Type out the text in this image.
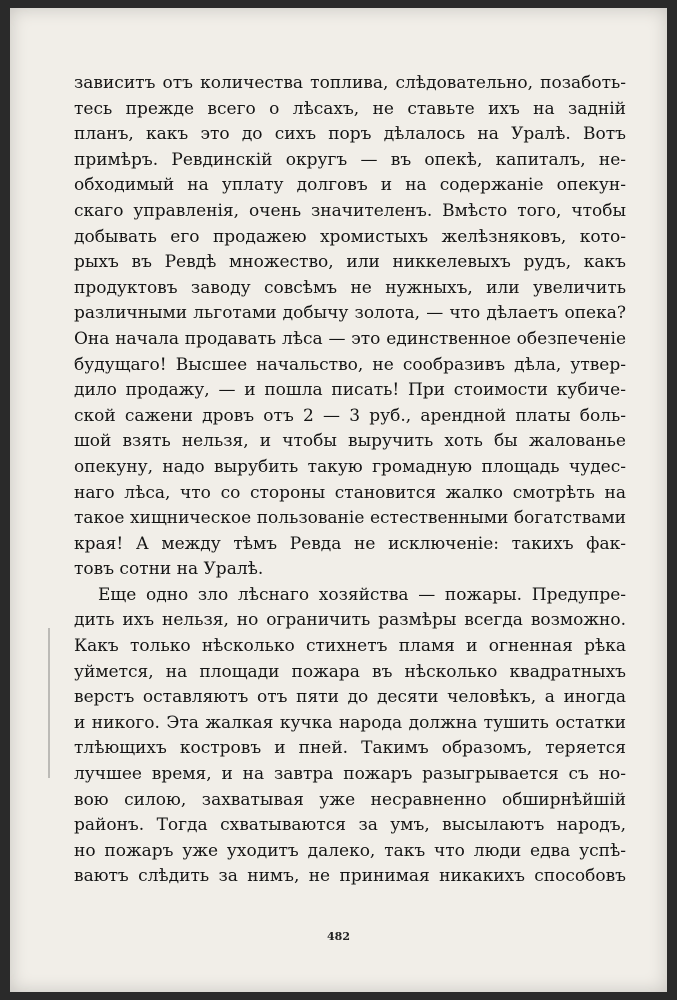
зависитъ отъ количества топлива, слѣдовательно, позаботь-
тесь прежде всего о лѣсахъ, не ставьте ихъ на заднiй
планъ, какъ это до сихъ поръ дѣлалось на Уралѣ. Вотъ
примѣръ. Ревдинскiй округъ — въ опекѣ, капиталъ, не-
обходимый на уплату долговъ и на содержанiе опекун-
скаго управленiя, очень значителенъ. Вмѣсто того, чтобы
добывать его продажею хромистыхъ желѣзняковъ, кото-
рыхъ въ Ревдѣ множество, или никкелевыхъ рудъ, какъ
продуктовъ заводу совсѣмъ не нужныхъ, или увеличить
различными льготами добычу золота, — что дѣлаетъ опека?
Она начала продавать лѣса — это единственное обезпеченiе
будущаго! Высшее начальство, не сообразивъ дѣла, утвер-
дило продажу, — и пошла писать! При стоимости кубиче-
ской сажени дровъ отъ 2 — 3 руб., арендной платы боль-
шой взять нельзя, и чтобы выручить хоть бы жалованье
опекуну, надо вырубить такую громадную площадь чудес-
наго лѣса, что со стороны становится жалко смотрѣть на
такое хищническое пользованiе естественными богатствами
края! А между тѣмъ Ревда не исключенiе: такихъ фак-
товъ сотни на Уралѣ.
Еще одно зло лѣснаго хозяйства — пожары. Предупре-
дить ихъ нельзя, но ограничить размѣры всегда возможно.
Какъ только нѣсколько стихнетъ пламя и огненная рѣка
уймется, на площади пожара въ нѣсколько квадратныхъ
верстъ оставляютъ отъ пяти до десяти человѣкъ, а иногда
и никого. Эта жалкая кучка народа должна тушить остатки
тлѣющихъ костровъ и пней. Такимъ образомъ, теряется
лучшее время, и на завтра пожаръ разыгрывается съ но-
вою силою, захватывая уже несравненно обширнѣйшiй
районъ. Тогда схватываются за умъ, высылаютъ народъ,
но пожаръ уже уходитъ далеко, такъ что люди едва успѣ-
ваютъ слѣдить за нимъ, не принимая никакихъ способовъ
482
